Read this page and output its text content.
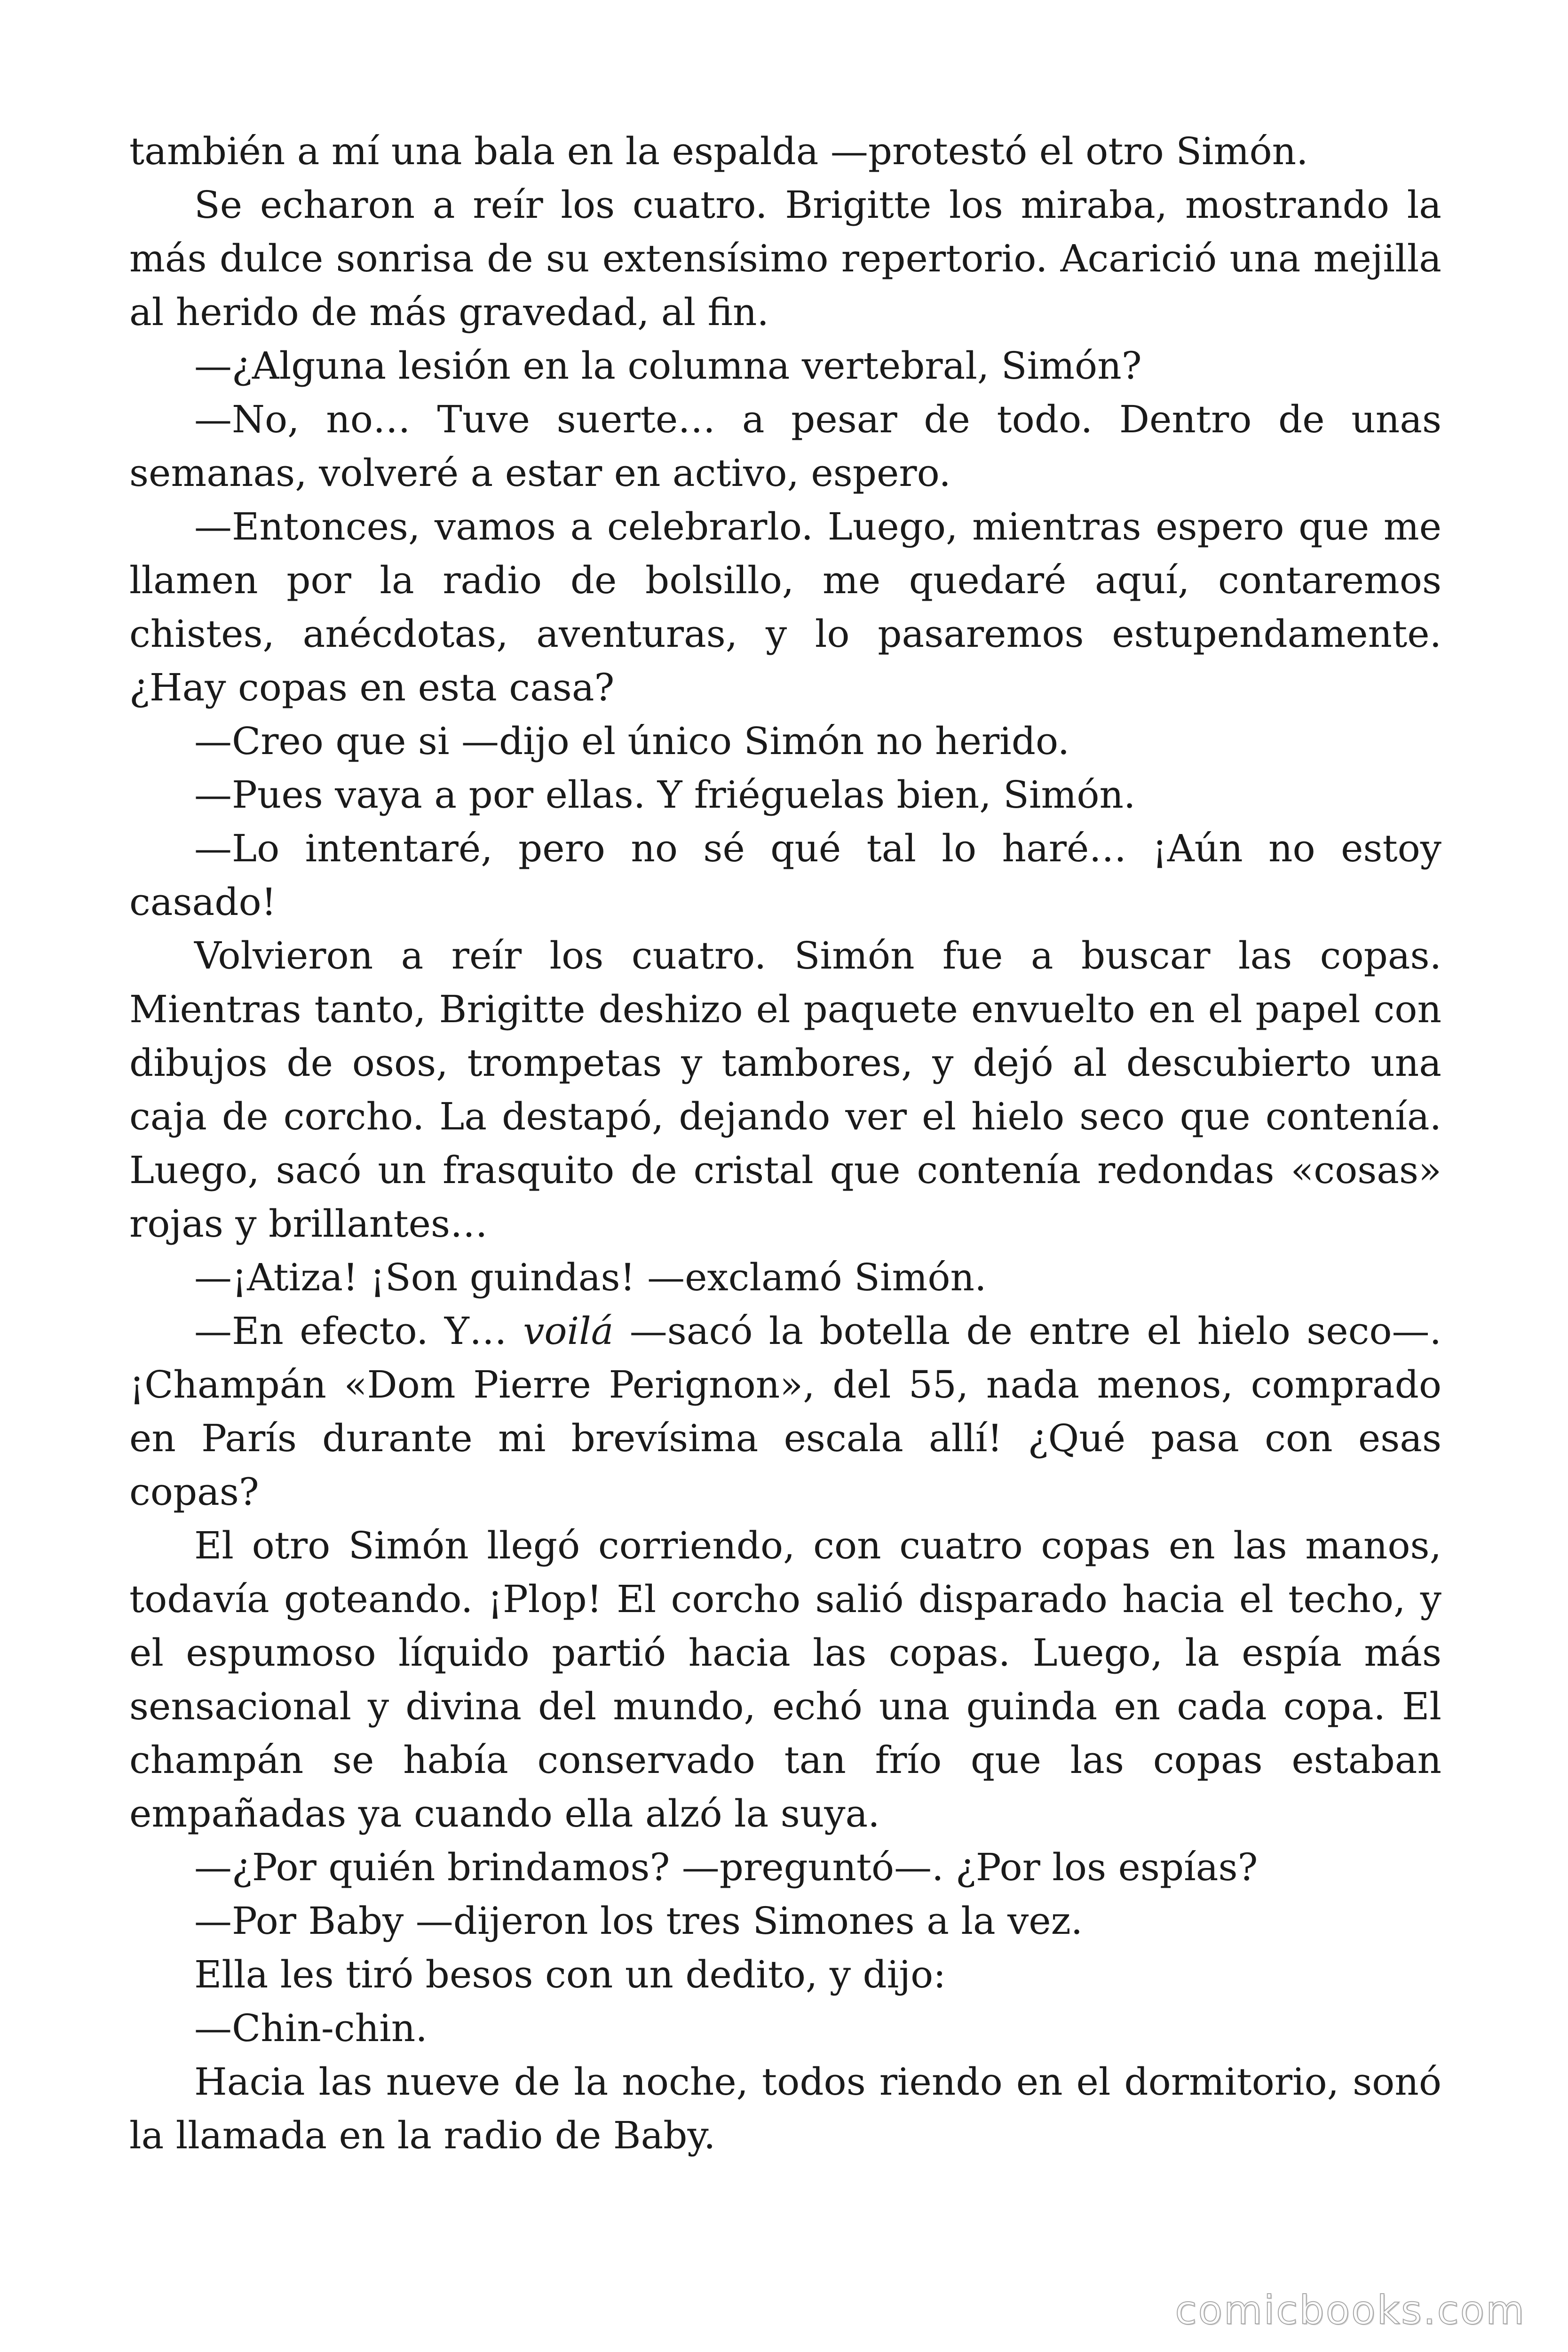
también a mí una bala en la espalda —protestó el otro Simón.

Se echaron a reír los cuatro. Brigitte los miraba, mostrando la más dulce sonrisa de su extensísimo repertorio. Acarició una mejilla al herido de más gravedad, al fin.

—¿Alguna lesión en la columna vertebral, Simón?

—No, no… Tuve suerte… a pesar de todo. Dentro de unas semanas, volveré a estar en activo, espero.

—Entonces, vamos a celebrarlo. Luego, mientras espero que me llamen por la radio de bolsillo, me quedaré aquí, contaremos chistes, anécdotas, aventuras, y lo pasaremos estupendamente. ¿Hay copas en esta casa?

—Creo que si —dijo el único Simón no herido.

—Pues vaya a por ellas. Y friéguelas bien, Simón.

—Lo intentaré, pero no sé qué tal lo haré… ¡Aún no estoy casado!

Volvieron a reír los cuatro. Simón fue a buscar las copas. Mientras tanto, Brigitte deshizo el paquete envuelto en el papel con dibujos de osos, trompetas y tambores, y dejó al descubierto una caja de corcho. La destapó, dejando ver el hielo seco que contenía. Luego, sacó un frasquito de cristal que contenía redondas «cosas» rojas y brillantes…

—¡Atiza! ¡Son guindas! —exclamó Simón.

—En efecto. Y… voilá —sacó la botella de entre el hielo seco—. ¡Champán «Dom Pierre Perignon», del 55, nada menos, comprado en París durante mi brevísima escala allí! ¿Qué pasa con esas copas?

El otro Simón llegó corriendo, con cuatro copas en las manos, todavía goteando. ¡Plop! El corcho salió disparado hacia el techo, y el espumoso líquido partió hacia las copas. Luego, la espía más sensacional y divina del mundo, echó una guinda en cada copa. El champán se había conservado tan frío que las copas estaban empañadas ya cuando ella alzó la suya.

—¿Por quién brindamos? —preguntó—. ¿Por los espías?

—Por Baby —dijeron los tres Simones a la vez.

Ella les tiró besos con un dedito, y dijo:

—Chin-chin.

Hacia las nueve de la noche, todos riendo en el dormitorio, sonó la llamada en la radio de Baby.

comicbooks.com
